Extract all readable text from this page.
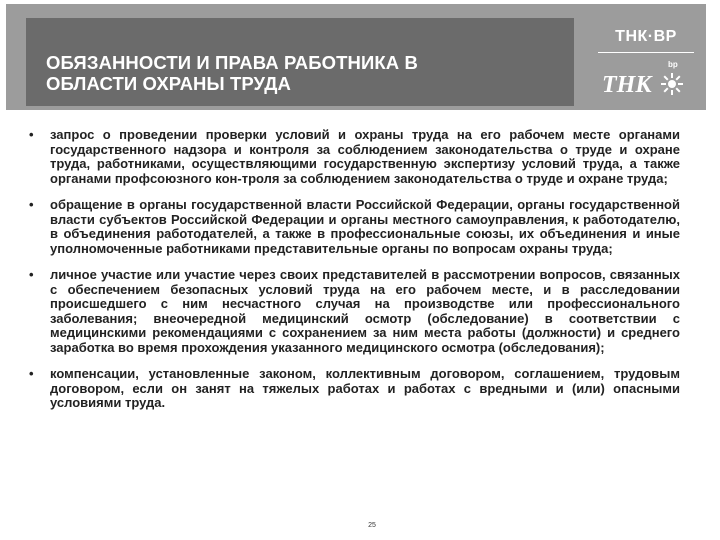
ОБЯЗАННОСТИ И ПРАВА РАБОТНИКА В
ОБЛАСТИ ОХРАНЫ ТРУДА
ТНК·ВР
ТНК
bp
• запрос о проведении проверки условий и охраны труда на его рабочем месте органами государственного надзора и контроля за соблюдением законодательства о труде и охране труда, работниками, осуществляющими государственную экспертизу условий труда, а также органами профсоюзного кон-троля за соблюдением законодательства о труде и охране труда;
• обращение в органы государственной власти Российской Федерации, органы государственной власти субъектов Российской Федерации и органы местного самоуправления, к работодателю, в объединения работодателей, а также в профессиональные союзы, их объединения и иные уполномоченные работниками представительные органы по вопросам охраны труда;
• личное участие или участие через своих представителей в рассмотрении вопросов, связанных с обеспечением безопасных условий труда на его рабочем месте, и в расследовании происшедшего с ним несчастного случая на производстве или профессионального заболевания; внеочередной медицинский осмотр (обследование) в соответствии с медицинскими рекомендациями с сохранением за ним места работы (должности) и среднего заработка во время прохождения указанного медицинского осмотра (обследования);
• компенсации, установленные законом, коллективным договором, соглашением, трудовым договором, если он занят на тяжелых работах и работах с вредными и (или) опасными условиями труда.
25
